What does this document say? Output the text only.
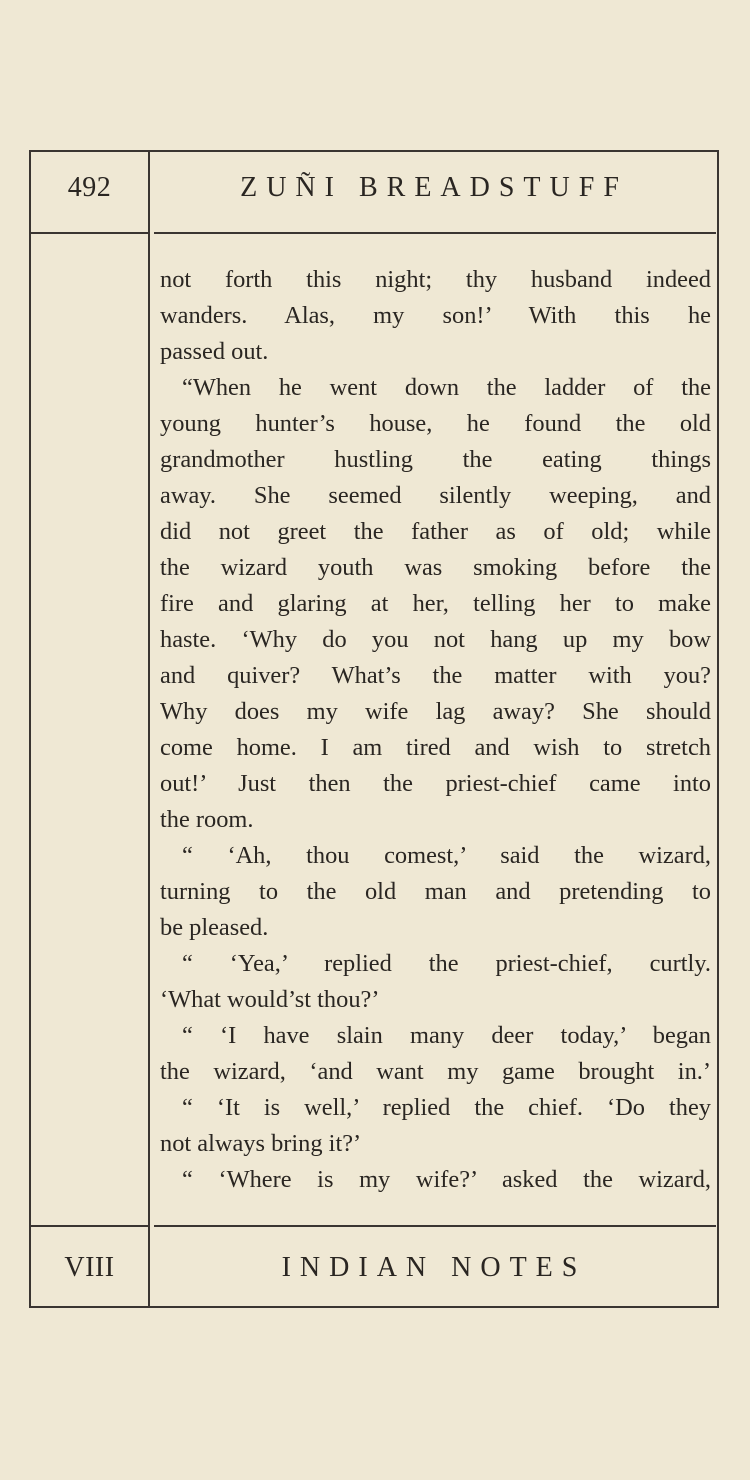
492	ZUÑI BREADSTUFF
not forth this night; thy husband indeed
wanders. Alas, my son!’ With this he
passed out.
“When he went down the ladder of the
young hunter’s house, he found the old
grandmother hustling the eating things
away. She seemed silently weeping, and
did not greet the father as of old; while
the wizard youth was smoking before the
fire and glaring at her, telling her to make
haste. ‘Why do you not hang up my bow
and quiver? What’s the matter with you?
Why does my wife lag away? She should
come home. I am tired and wish to stretch
out!’ Just then the priest-chief came into
the room.
“ ‘Ah, thou comest,’ said the wizard,
turning to the old man and pretending to
be pleased.
“ ‘Yea,’ replied the priest-chief, curtly.
‘What would’st thou?’
“ ‘I have slain many deer today,’ began
the wizard, ‘and want my game brought in.’
“ ‘It is well,’ replied the chief. ‘Do they
not always bring it?’
“ ‘Where is my wife?’ asked the wizard,
VIII	INDIAN NOTES
